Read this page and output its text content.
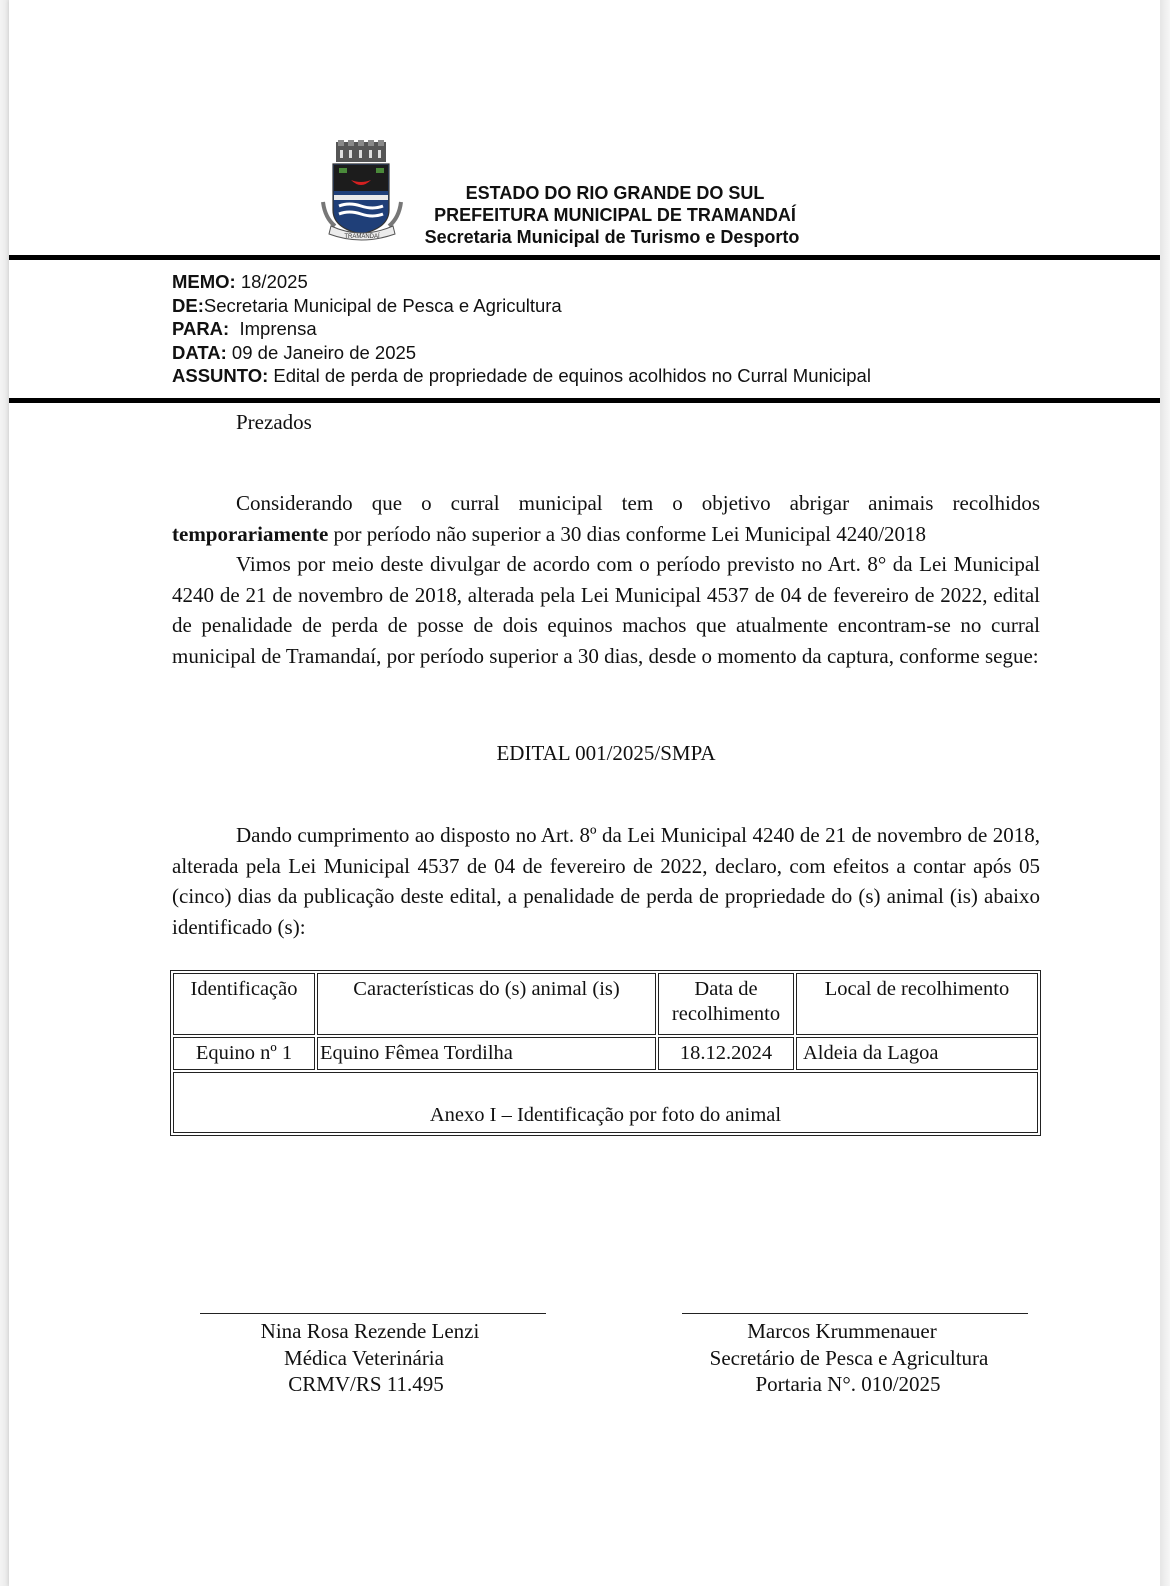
TRAMANDAÍ
ESTADO DO RIO GRANDE DO SUL
PREFEITURA MUNICIPAL DE TRAMANDAÍ
Secretaria Municipal de Turismo e Desporto
MEMO: 18/2025
DE:Secretaria Municipal de Pesca e Agricultura
PARA:  Imprensa
DATA: 09 de Janeiro de 2025
ASSUNTO: Edital de perda de propriedade de equinos acolhidos no Curral Municipal
Prezados
Considerando que o curral municipal tem o objetivo abrigar animais recolhidos temporariamente por período não superior a 30 dias conforme Lei Municipal 4240/2018
Vimos por meio deste divulgar de acordo com o período previsto no Art. 8° da Lei Municipal 4240 de 21 de novembro de 2018, alterada pela Lei Municipal 4537 de 04 de fevereiro de 2022, edital de penalidade de perda de posse de dois equinos machos que atualmente encontram-se no curral municipal de Tramandaí, por período superior a 30 dias, desde o momento da captura, conforme segue:
EDITAL 001/2025/SMPA
Dando cumprimento ao disposto no Art. 8º da Lei Municipal 4240 de 21 de novembro de 2018, alterada pela Lei Municipal 4537 de 04 de fevereiro de 2022, declaro, com efeitos a contar após 05 (cinco) dias da publicação deste edital, a penalidade de perda de propriedade do (s) animal (is) abaixo identificado (s):
Identificação	Características do (s) animal (is)	Data de recolhimento	Local de recolhimento
Equino nº 1	Equino Fêmea Tordilha	18.12.2024	Aldeia da Lagoa
Anexo I – Identificação por foto do animal			
Nina Rosa Rezende Lenzi
Médica Veterinária
CRMV/RS 11.495
Marcos Krummenauer
Secretário de Pesca e Agricultura
Portaria N°. 010/2025
